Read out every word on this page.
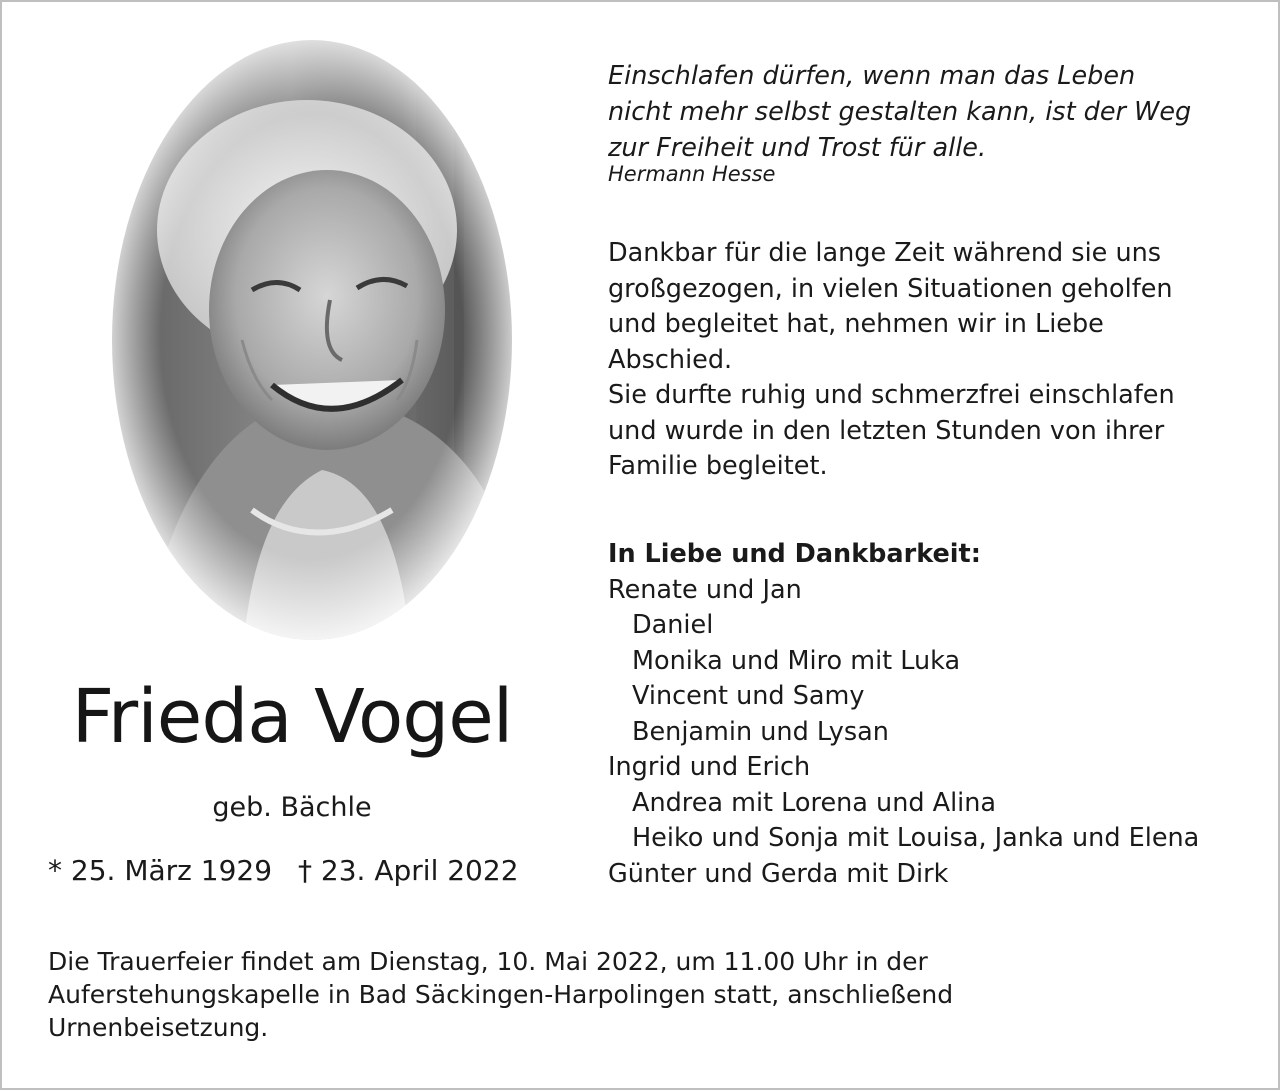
Frieda Vogel
geb. Bächle
* 25. März 1929 † 23. April 2022
Einschlafen dürfen, wenn man das Leben
nicht mehr selbst gestalten kann, ist der Weg
zur Freiheit und Trost für alle.
Hermann Hesse
Dankbar für die lange Zeit während sie uns
großgezogen, in vielen Situationen geholfen
und begleitet hat, nehmen wir in Liebe
Abschied.
Sie durfte ruhig und schmerzfrei einschlafen
und wurde in den letzten Stunden von ihrer
Familie begleitet.
In Liebe und Dankbarkeit:
Renate und Jan
Daniel
Monika und Miro mit Luka
Vincent und Samy
Benjamin und Lysan
Ingrid und Erich
Andrea mit Lorena und Alina
Heiko und Sonja mit Louisa, Janka und Elena
Günter und Gerda mit Dirk
Die Trauerfeier findet am Dienstag, 10. Mai 2022, um 11.00 Uhr in der
Auferstehungskapelle in Bad Säckingen-Harpolingen statt, anschließend
Urnenbeisetzung.
